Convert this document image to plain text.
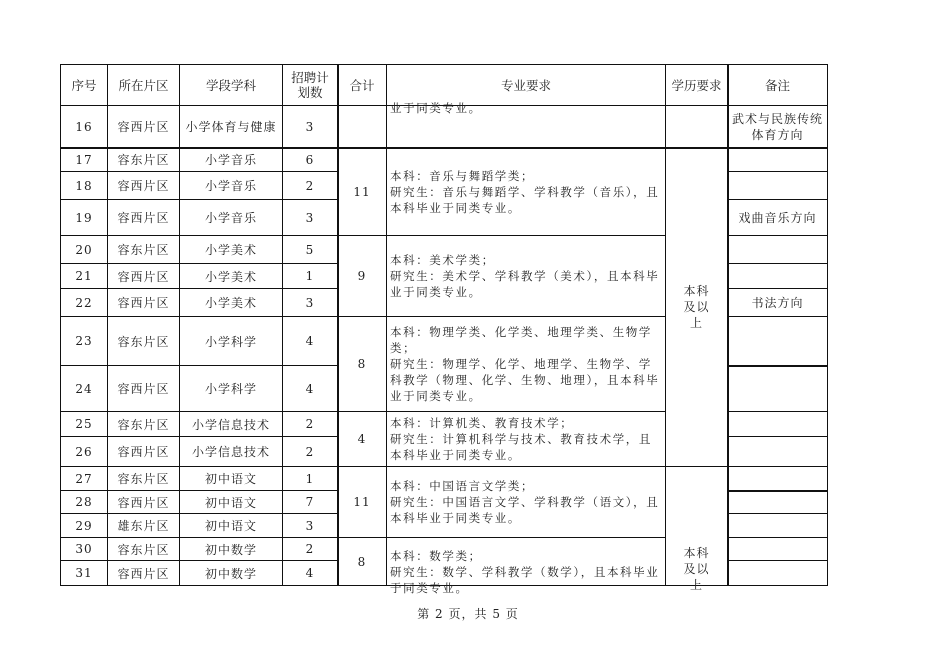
第 2 页，共 5 页
序号 所在片区	学段学科	招聘计划数	合计	专业要求	学历要求	备注
16 容西片区 小学体育与健康 3
武术与民族传统体育方向
17 容东片区	小学音乐	6
18 容西片区	小学音乐	2
19 容西片区	小学音乐	3	戏曲音乐方向
20 容东片区	小学美术	5
21 容西片区	小学美术	1
22 容西片区	小学美术	3	书法方向
23 容东片区	小学科学	4
24 容西片区	小学科学	4
25 容东片区 小学信息技术	2
26 容西片区 小学信息技术	2
27 容东片区	初中语文	1
28 容西片区	初中语文	7
29 雄东片区	初中语文	3
30 容东片区	初中数学	2
31 容西片区	初中数学	4
业于同类专业。
11
本科：音乐与舞蹈学类；
研究生：音乐与舞蹈学、学科教学（音乐），且本科毕业于同类专业。
9
本科：美术学类；
研究生：美术学、学科教学（美术），且本科毕业于同类专业。
8
本科：物理学类、化学类、地理学类、生物学类；
研究生：物理学、化学、地理学、生物学、学科教学（物理、化学、生物、地理），且本科毕业于同类专业。
4
本科：计算机类、教育技术学；
研究生：计算机科学与技术、教育技术学，且本科毕业于同类专业。
11
本科：中国语言文学类；
研究生：中国语言文学、学科教学（语文），且本科毕业于同类专业。
8 本科：数学类；
研究生：数学、学科教学（数学），且本科毕业于同类专业。
本科及以上
本科及以上
